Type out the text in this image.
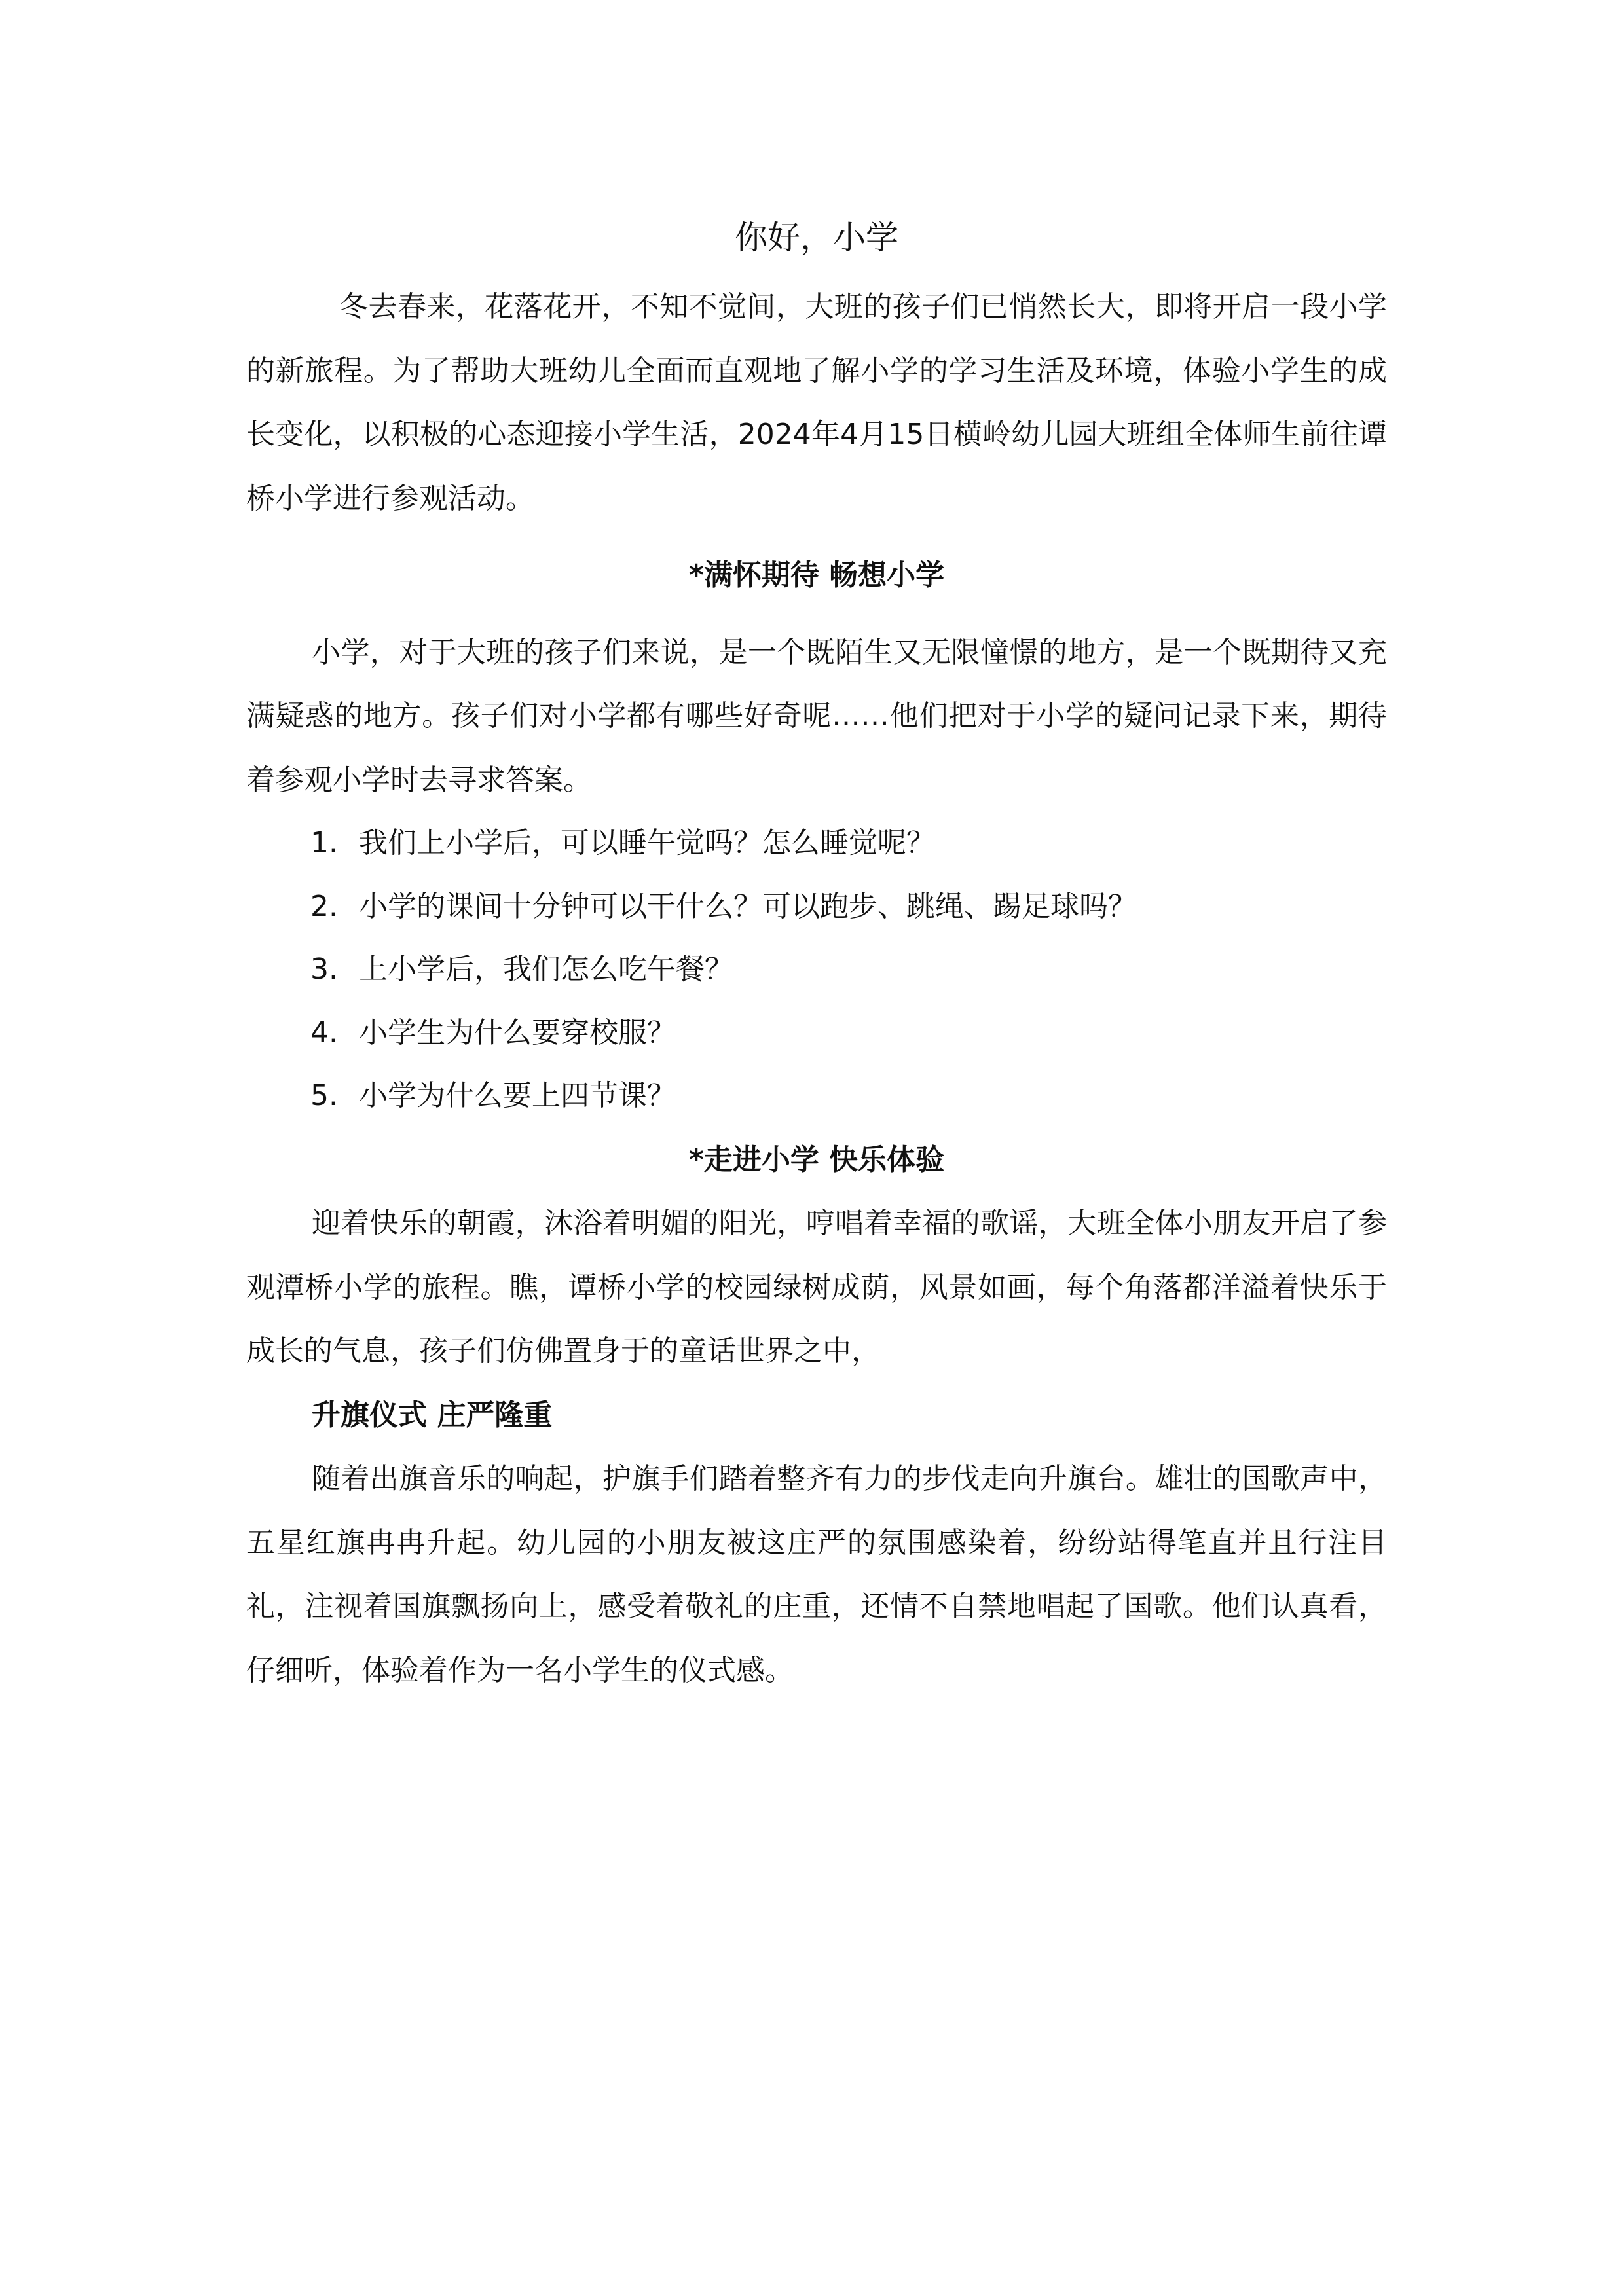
你好，小学

冬去春来，花落花开，不知不觉间，大班的孩子们已悄然长大，即将开启一段小学的新旅程。为了帮助大班幼儿全面而直观地了解小学的学习生活及环境，体验小学生的成长变化，以积极的心态迎接小学生活，2024年4月15日横岭幼儿园大班组全体师生前往谭桥小学进行参观活动。

*满怀期待 畅想小学

小学，对于大班的孩子们来说，是一个既陌生又无限憧憬的地方，是一个既期待又充满疑惑的地方。孩子们对小学都有哪些好奇呢……他们把对于小学的疑问记录下来，期待着参观小学时去寻求答案。

1. 我们上小学后，可以睡午觉吗？怎么睡觉呢？
2. 小学的课间十分钟可以干什么？可以跑步、跳绳、踢足球吗？
3. 上小学后，我们怎么吃午餐？
4. 小学生为什么要穿校服？
5. 小学为什么要上四节课？
*走进小学 快乐体验

迎着快乐的朝霞，沐浴着明媚的阳光，哼唱着幸福的歌谣，大班全体小朋友开启了参观潭桥小学的旅程。瞧，谭桥小学的校园绿树成荫，风景如画，每个角落都洋溢着快乐于成长的气息，孩子们仿佛置身于的童话世界之中，

升旗仪式 庄严隆重

随着出旗音乐的响起，护旗手们踏着整齐有力的步伐走向升旗台。雄壮的国歌声中，五星红旗冉冉升起。幼儿园的小朋友被这庄严的氛围感染着，纷纷站得笔直并且行注目礼，注视着国旗飘扬向上，感受着敬礼的庄重，还情不自禁地唱起了国歌。他们认真看，仔细听，体验着作为一名小学生的仪式感。
